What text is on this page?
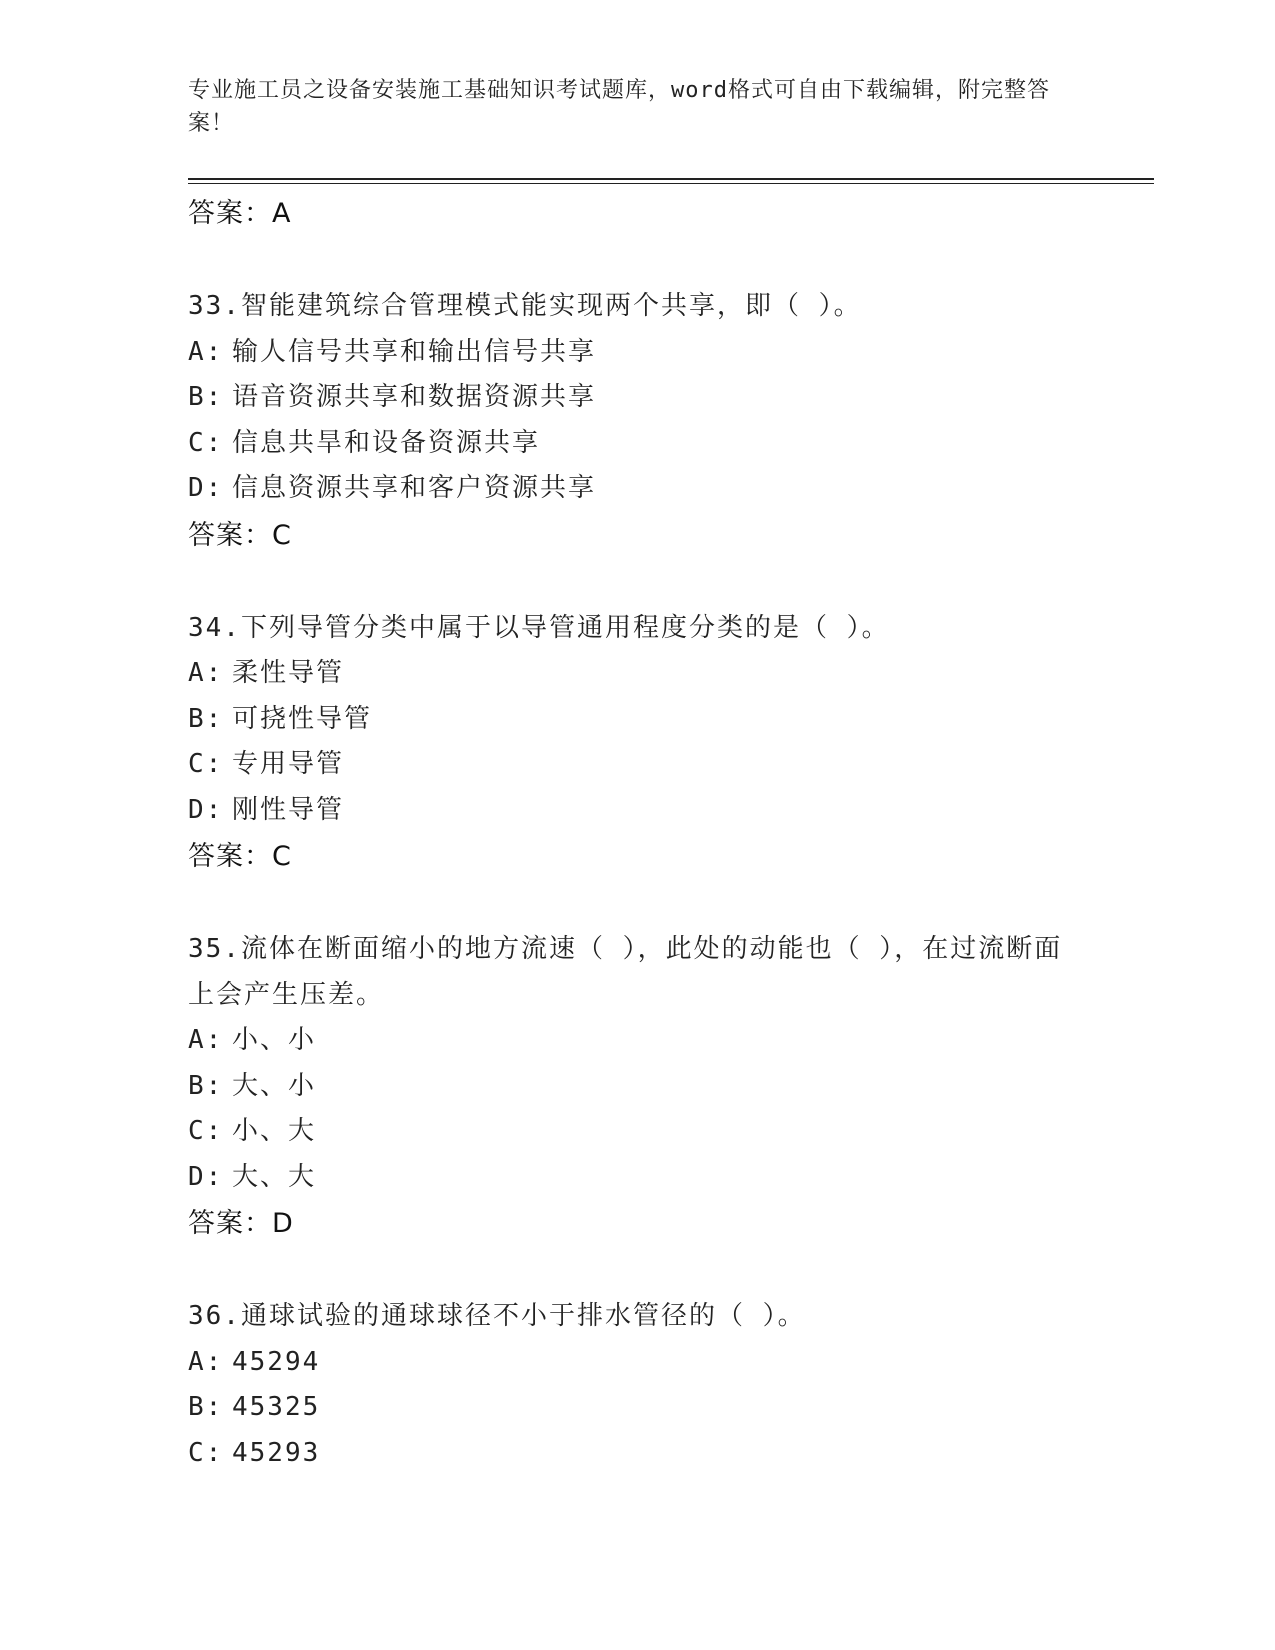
专业施工员之设备安装施工基础知识考试题库，word格式可自由下载编辑，附完整答案！
答案：A
33.智能建筑综合管理模式能实现两个共享，即（ ）。
A: 输人信号共享和输出信号共享
B: 语音资源共享和数据资源共享
C: 信息共旱和设备资源共享
D: 信息资源共享和客户资源共享
答案：C
34.下列导管分类中属于以导管通用程度分类的是（ ）。
A: 柔性导管
B: 可挠性导管
C: 专用导管
D: 刚性导管
答案：C
35.流体在断面缩小的地方流速（ ），此处的动能也（ ），在过流断面上会产生压差。
A: 小、小
B: 大、小
C: 小、大
D: 大、大
答案：D
36.通球试验的通球球径不小于排水管径的（ ）。
A: 45294
B: 45325
C: 45293
